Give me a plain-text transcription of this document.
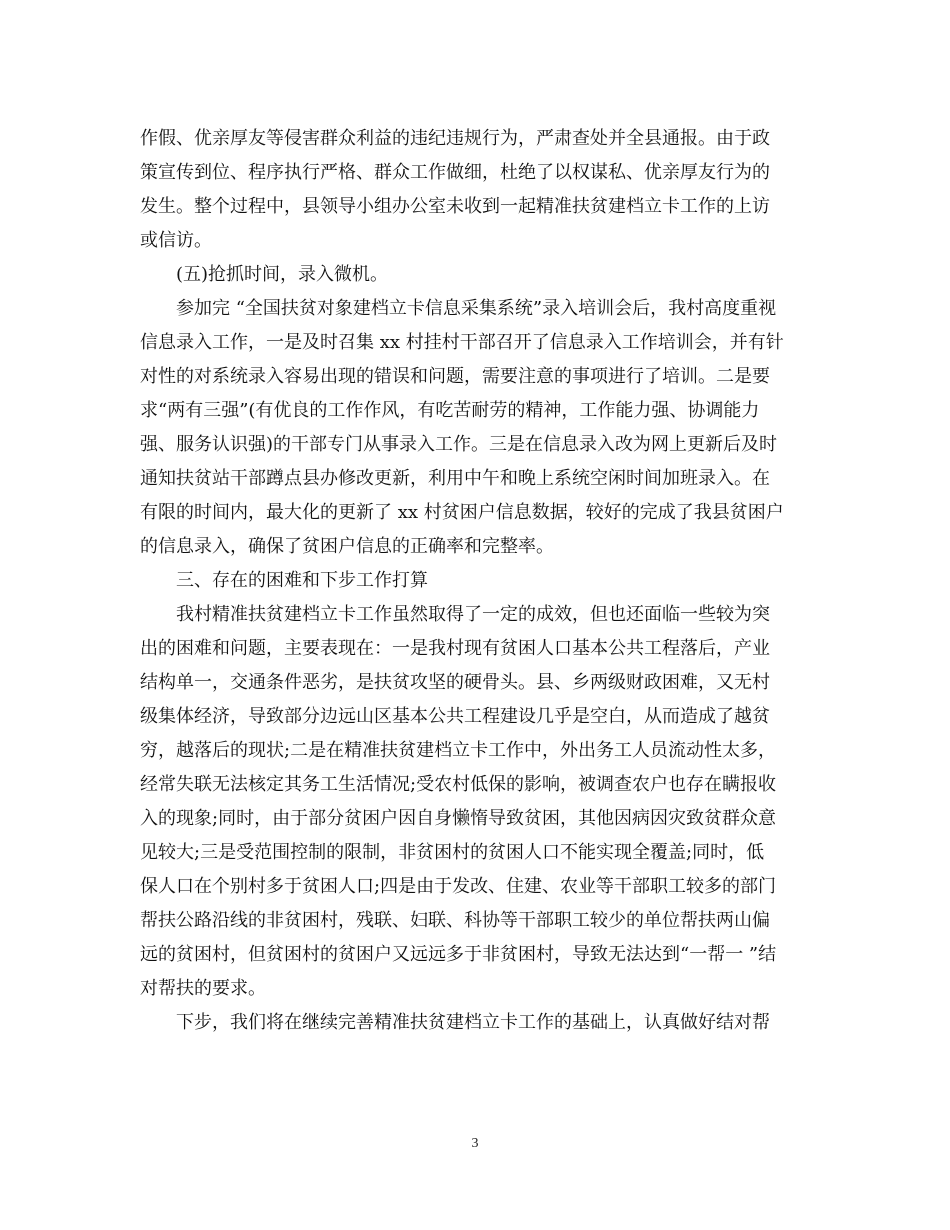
作假、优亲厚友等侵害群众利益的违纪违规行为，严肃查处并全县通报。由于政
策宣传到位、程序执行严格、群众工作做细，杜绝了以权谋私、优亲厚友行为的
发生。整个过程中，县领导小组办公室未收到一起精准扶贫建档立卡工作的上访
或信访。
(五)抢抓时间，录入微机。
参加完 “全国扶贫对象建档立卡信息采集系统”录入培训会后，我村高度重视
信息录入工作，一是及时召集 xx 村挂村干部召开了信息录入工作培训会，并有针
对性的对系统录入容易出现的错误和问题，需要注意的事项进行了培训。二是要
求“两有三强”(有优良的工作作风，有吃苦耐劳的精神，工作能力强、协调能力
强、服务认识强)的干部专门从事录入工作。三是在信息录入改为网上更新后及时
通知扶贫站干部蹲点县办修改更新，利用中午和晚上系统空闲时间加班录入。在
有限的时间内，最大化的更新了 xx 村贫困户信息数据，较好的完成了我县贫困户
的信息录入，确保了贫困户信息的正确率和完整率。
三、存在的困难和下步工作打算
我村精准扶贫建档立卡工作虽然取得了一定的成效，但也还面临一些较为突
出的困难和问题，主要表现在：一是我村现有贫困人口基本公共工程落后，产业
结构单一，交通条件恶劣，是扶贫攻坚的硬骨头。县、乡两级财政困难，又无村
级集体经济，导致部分边远山区基本公共工程建设几乎是空白，从而造成了越贫
穷，越落后的现状;二是在精准扶贫建档立卡工作中，外出务工人员流动性太多，
经常失联无法核定其务工生活情况;受农村低保的影响，被调查农户也存在瞒报收
入的现象;同时，由于部分贫困户因自身懒惰导致贫困，其他因病因灾致贫群众意
见较大;三是受范围控制的限制，非贫困村的贫困人口不能实现全覆盖;同时，低
保人口在个别村多于贫困人口;四是由于发改、住建、农业等干部职工较多的部门
帮扶公路沿线的非贫困村，残联、妇联、科协等干部职工较少的单位帮扶两山偏
远的贫困村，但贫困村的贫困户又远远多于非贫困村，导致无法达到“一帮一 ”结
对帮扶的要求。
下步，我们将在继续完善精准扶贫建档立卡工作的基础上，认真做好结对帮
3
